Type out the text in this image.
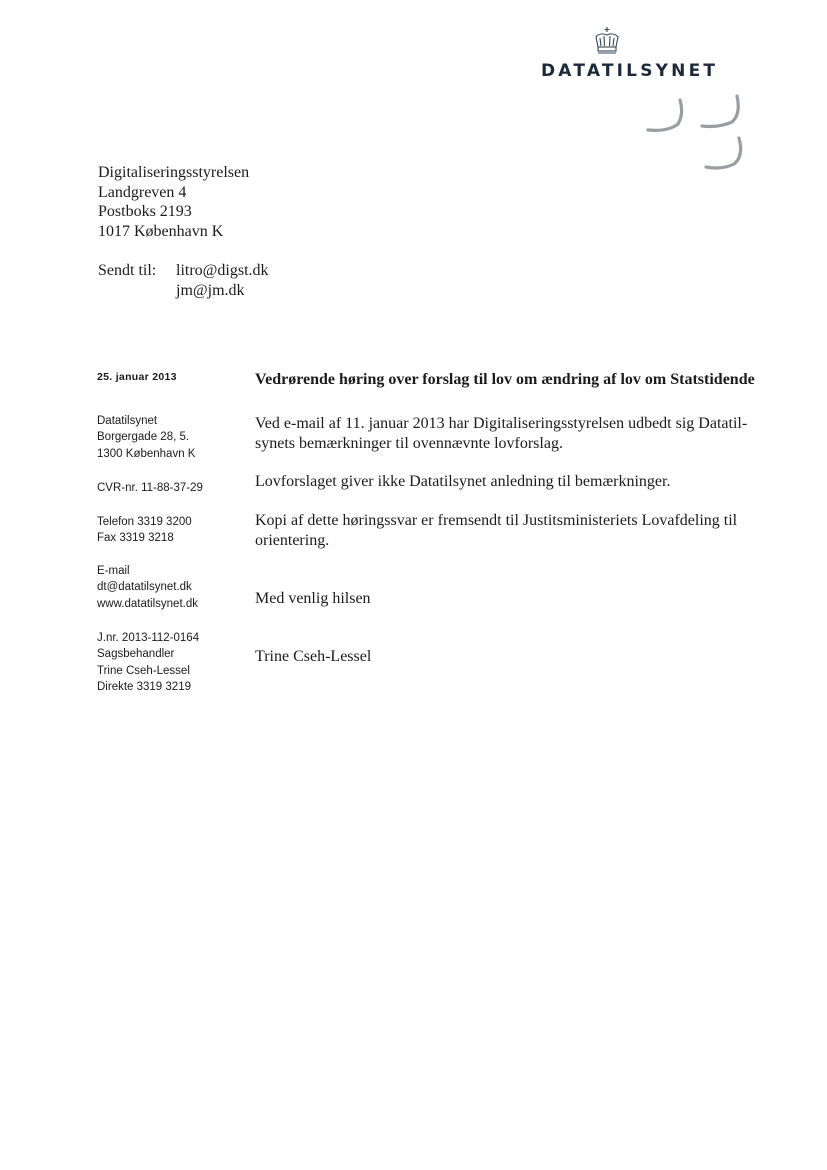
DATATILSYNET
Digitaliseringsstyrelsen
Landgreven 4
Postboks 2193
1017 København K
Sendt til: litro@digst.dk
jm@jm.dk
25. januar 2013
Datatilsynet
Borgergade 28, 5.
1300 København K
CVR-nr. 11-88-37-29
Telefon 3319 3200
Fax 3319 3218
E-mail
dt@datatilsynet.dk
www.datatilsynet.dk
J.nr. 2013-112-0164
Sagsbehandler
Trine Cseh-Lessel
Direkte 3319 3219
Vedrørende høring over forslag til lov om ændring af lov om Statstidende
Ved e-mail af 11. januar 2013 har Digitaliseringsstyrelsen udbedt sig Datatil-
synets bemærkninger til ovennævnte lovforslag.
Lovforslaget giver ikke Datatilsynet anledning til bemærkninger.
Kopi af dette høringssvar er fremsendt til Justitsministeriets Lovafdeling til
orientering.
Med venlig hilsen
Trine Cseh-Lessel
